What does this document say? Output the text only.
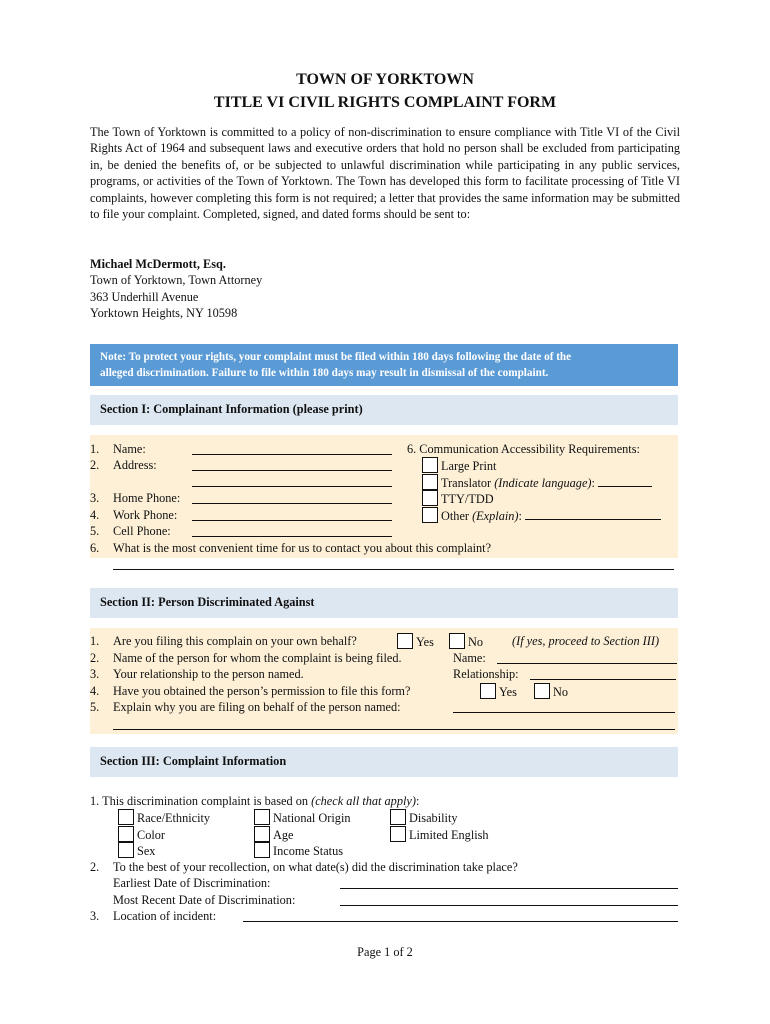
TOWN OF YORKTOWN
TITLE VI CIVIL RIGHTS COMPLAINT FORM
The Town of Yorktown is committed to a policy of non-discrimination to ensure compliance with Title VI of the Civil Rights Act of 1964 and subsequent laws and executive orders that hold no person shall be excluded from participating in, be denied the benefits of, or be subjected to unlawful discrimination while participating in any public services, programs, or activities of the Town of Yorktown. The Town has developed this form to facilitate processing of Title VI complaints, however completing this form is not required; a letter that provides the same information may be submitted to file your complaint. Completed, signed, and dated forms should be sent to:
Michael McDermott, Esq.
Town of Yorktown, Town Attorney
363 Underhill Avenue
Yorktown Heights, NY 10598
Note: To protect your rights, your complaint must be filed within 180 days following the date of the
alleged discrimination. Failure to file within 180 days may result in dismissal of the complaint.
Section I: Complainant Information (please print)
1. Name:
2. Address:
3. Home Phone:
4. Work Phone:
5. Cell Phone:
6. What is the most convenient time for us to contact you about this complaint?
6. Communication Accessibility Requirements:
Large Print
Translator (Indicate language):
TTY/TDD
Other (Explain):
Section II: Person Discriminated Against
1. Are you filing this complain on your own behalf?	Yes	No (If yes, proceed to Section III)
2. Name of the person for whom the complaint is being filed.	Name:
3. Your relationship to the person named.	Relationship:
4. Have you obtained the person’s permission to file this form?	Yes	No
5. Explain why you are filing on behalf of the person named:
Section III: Complaint Information
1. This discrimination complaint is based on (check all that apply):
Race/Ethnicity	National Origin	Disability
Color	Age	Limited English
Sex	Income Status
2. To the best of your recollection, on what date(s) did the discrimination take place?
Earliest Date of Discrimination:
Most Recent Date of Discrimination:
3. Location of incident:
Page 1 of 2
